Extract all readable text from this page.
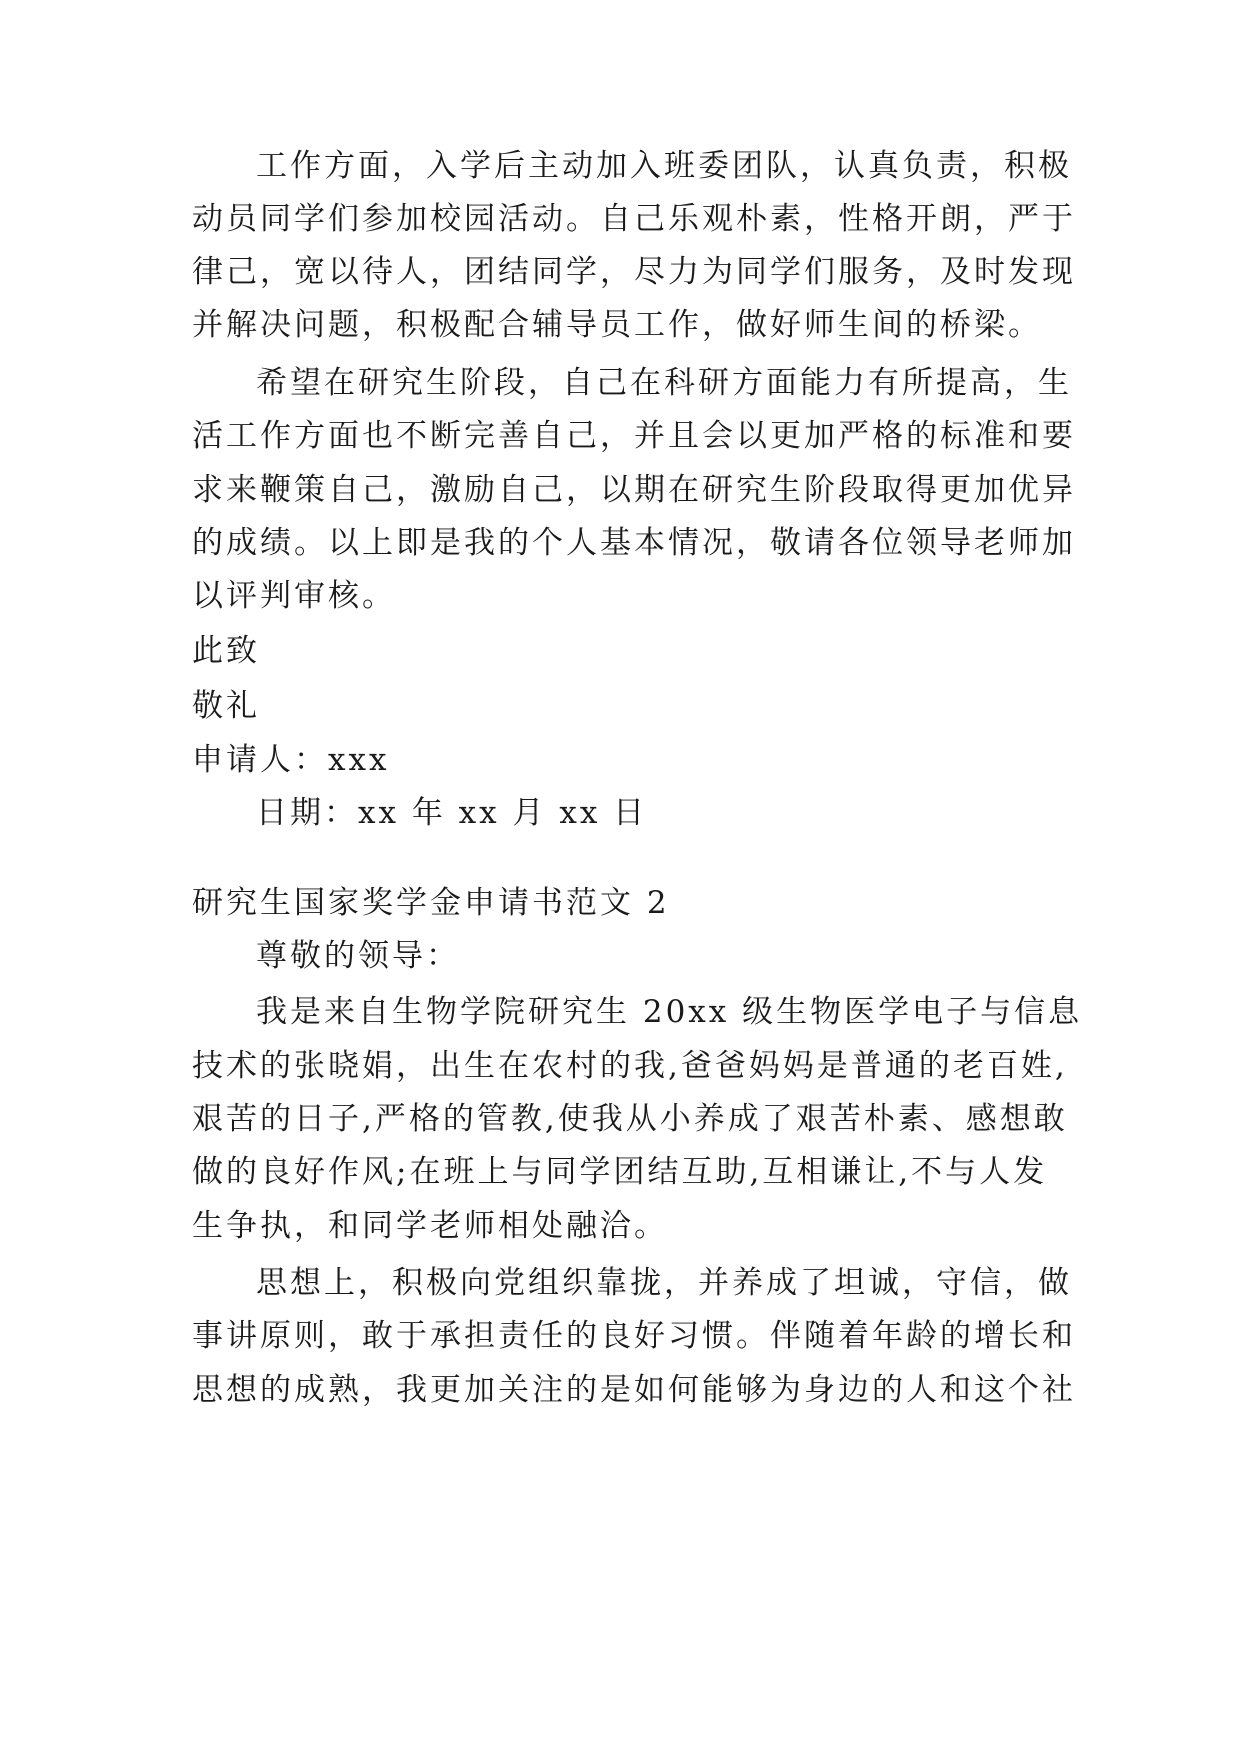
工作方面，入学后主动加入班委团队，认真负责，积极
动员同学们参加校园活动。自己乐观朴素，性格开朗，严于
律己，宽以待人，团结同学，尽力为同学们服务，及时发现
并解决问题，积极配合辅导员工作，做好师生间的桥梁。
希望在研究生阶段，自己在科研方面能力有所提高，生
活工作方面也不断完善自己，并且会以更加严格的标准和要
求来鞭策自己，激励自己，以期在研究生阶段取得更加优异
的成绩。以上即是我的个人基本情况，敬请各位领导老师加
以评判审核。
此致
敬礼
申请人：xxx
日期：xx 年 xx 月 xx 日
研究生国家奖学金申请书范文 2
尊敬的领导：
我是来自生物学院研究生 20xx 级生物医学电子与信息
技术的张晓娟，出生在农村的我,爸爸妈妈是普通的老百姓,
艰苦的日子,严格的管教,使我从小养成了艰苦朴素、感想敢
做的良好作风;在班上与同学团结互助,互相谦让,不与人发
生争执，和同学老师相处融洽。
思想上，积极向党组织靠拢，并养成了坦诚，守信，做
事讲原则，敢于承担责任的良好习惯。伴随着年龄的增长和
思想的成熟，我更加关注的是如何能够为身边的人和这个社
